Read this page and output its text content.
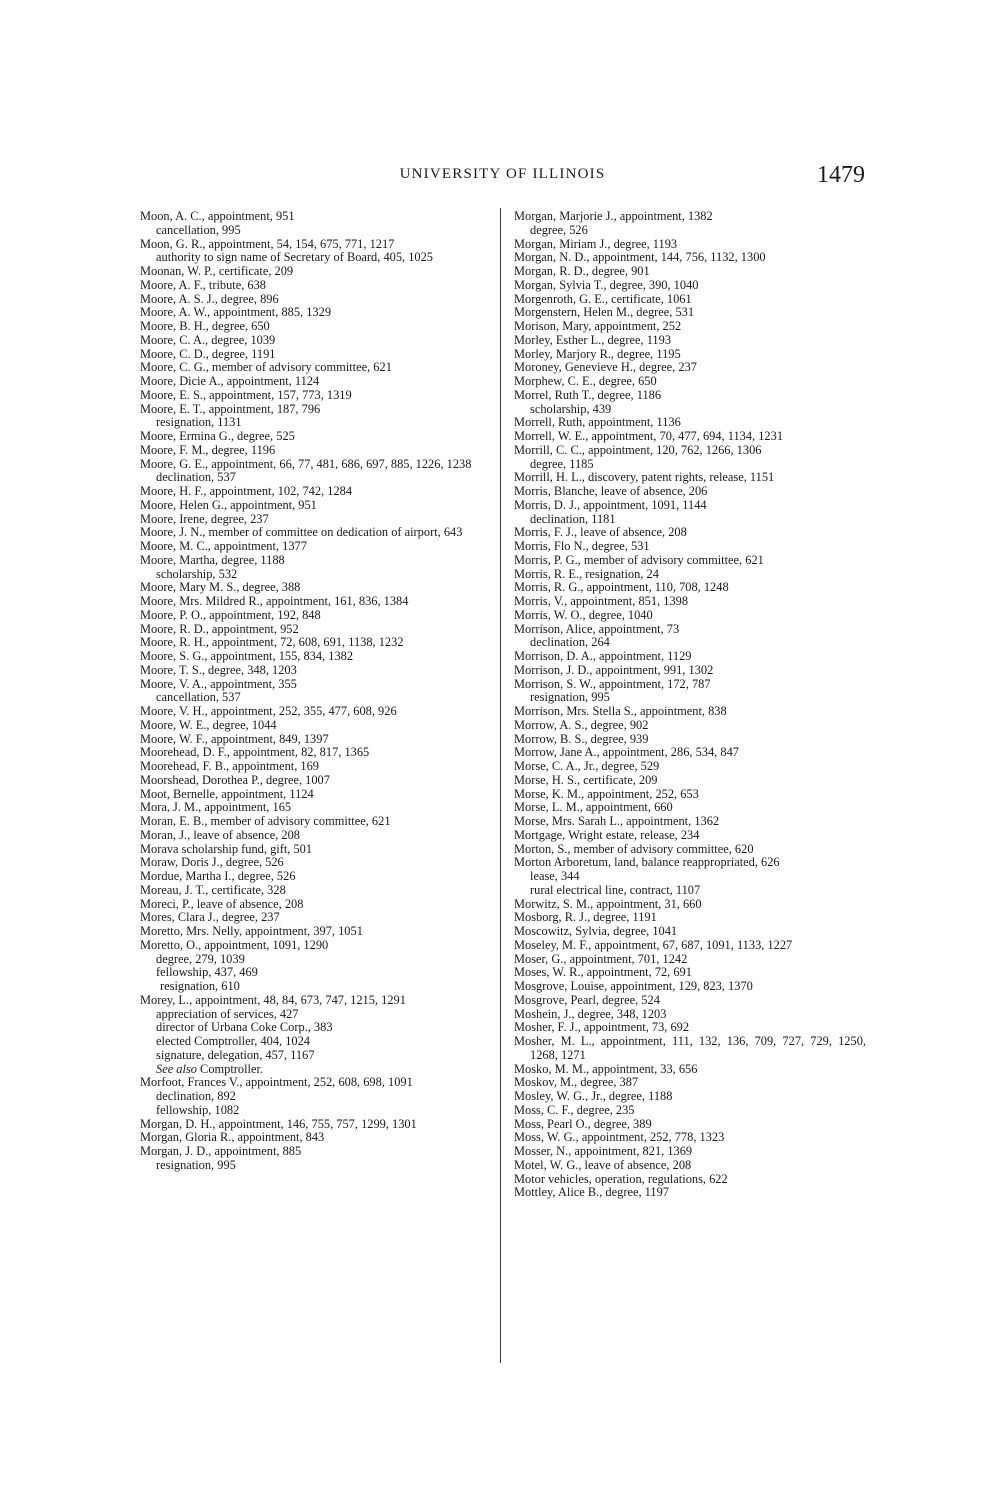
UNIVERSITY OF ILLINOIS	1479
Moon, A. C., appointment, 951
cancellation, 995
Moon, G. R., appointment, 54, 154, 675, 771, 1217
authority to sign name of Secretary of Board, 405, 1025
Moonan, W. P., certificate, 209
Moore, A. F., tribute, 638
Moore, A. S. J., degree, 896
Moore, A. W., appointment, 885, 1329
Moore, B. H., degree, 650
Moore, C. A., degree, 1039
Moore, C. D., degree, 1191
Moore, C. G., member of advisory committee, 621
Moore, Dicie A., appointment, 1124
Moore, E. S., appointment, 157, 773, 1319
Moore, E. T., appointment, 187, 796
resignation, 1131
Moore, Ermina G., degree, 525
Moore, F. M., degree, 1196
Moore, G. E., appointment, 66, 77, 481, 686, 697, 885, 1226, 1238
declination, 537
Moore, H. F., appointment, 102, 742, 1284
Moore, Helen G., appointment, 951
Moore, Irene, degree, 237
Moore, J. N., member of committee on dedication of airport, 643
Moore, M. C., appointment, 1377
Moore, Martha, degree, 1188
scholarship, 532
Moore, Mary M. S., degree, 388
Moore, Mrs. Mildred R., appointment, 161, 836, 1384
Moore, P. O., appointment, 192, 848
Moore, R. D., appointment, 952
Moore, R. H., appointment, 72, 608, 691, 1138, 1232
Moore, S. G., appointment, 155, 834, 1382
Moore, T. S., degree, 348, 1203
Moore, V. A., appointment, 355
cancellation, 537
Moore, V. H., appointment, 252, 355, 477, 608, 926
Moore, W. E., degree, 1044
Moore, W. F., appointment, 849, 1397
Moorehead, D. F., appointment, 82, 817, 1365
Moorehead, F. B., appointment, 169
Moorshead, Dorothea P., degree, 1007
Moot, Bernelle, appointment, 1124
Mora, J. M., appointment, 165
Moran, E. B., member of advisory committee, 621
Moran, J., leave of absence, 208
Morava scholarship fund, gift, 501
Moraw, Doris J., degree, 526
Mordue, Martha I., degree, 526
Moreau, J. T., certificate, 328
Moreci, P., leave of absence, 208
Mores, Clara J., degree, 237
Moretto, Mrs. Nelly, appointment, 397, 1051
Moretto, O., appointment, 1091, 1290
degree, 279, 1039
fellowship, 437, 469
resignation, 610
Morey, L., appointment, 48, 84, 673, 747, 1215, 1291
appreciation of services, 427
director of Urbana Coke Corp., 383
elected Comptroller, 404, 1024
signature, delegation, 457, 1167
See also Comptroller.
Morfoot, Frances V., appointment, 252, 608, 698, 1091
declination, 892
fellowship, 1082
Morgan, D. H., appointment, 146, 755, 757, 1299, 1301
Morgan, Gloria R., appointment, 843
Morgan, J. D., appointment, 885
resignation, 995
Morgan, Marjorie J., appointment, 1382
degree, 526
Morgan, Miriam J., degree, 1193
Morgan, N. D., appointment, 144, 756, 1132, 1300
Morgan, R. D., degree, 901
Morgan, Sylvia T., degree, 390, 1040
Morgenroth, G. E., certificate, 1061
Morgenstern, Helen M., degree, 531
Morison, Mary, appointment, 252
Morley, Esther L., degree, 1193
Morley, Marjory R., degree, 1195
Moroney, Genevieve H., degree, 237
Morphew, C. E., degree, 650
Morrel, Ruth T., degree, 1186
scholarship, 439
Morrell, Ruth, appointment, 1136
Morrell, W. E., appointment, 70, 477, 694, 1134, 1231
Morrill, C. C., appointment, 120, 762, 1266, 1306
degree, 1185
Morrill, H. L., discovery, patent rights, release, 1151
Morris, Blanche, leave of absence, 206
Morris, D. J., appointment, 1091, 1144
declination, 1181
Morris, F. J., leave of absence, 208
Morris, Flo N., degree, 531
Morris, P. G., member of advisory committee, 621
Morris, R. E., resignation, 24
Morris, R. G., appointment, 110, 708, 1248
Morris, V., appointment, 851, 1398
Morris, W. O., degree, 1040
Morrison, Alice, appointment, 73
declination, 264
Morrison, D. A., appointment, 1129
Morrison, J. D., appointment, 991, 1302
Morrison, S. W., appointment, 172, 787
resignation, 995
Morrison, Mrs. Stella S., appointment, 838
Morrow, A. S., degree, 902
Morrow, B. S., degree, 939
Morrow, Jane A., appointment, 286, 534, 847
Morse, C. A., Jr., degree, 529
Morse, H. S., certificate, 209
Morse, K. M., appointment, 252, 653
Morse, L. M., appointment, 660
Morse, Mrs. Sarah L., appointment, 1362
Mortgage, Wright estate, release, 234
Morton, S., member of advisory committee, 620
Morton Arboretum, land, balance reappropriated, 626
lease, 344
rural electrical line, contract, 1107
Morwitz, S. M., appointment, 31, 660
Mosborg, R. J., degree, 1191
Moscowitz, Sylvia, degree, 1041
Moseley, M. F., appointment, 67, 687, 1091, 1133, 1227
Moser, G., appointment, 701, 1242
Moses, W. R., appointment, 72, 691
Mosgrove, Louise, appointment, 129, 823, 1370
Mosgrove, Pearl, degree, 524
Moshein, J., degree, 348, 1203
Mosher, F. J., appointment, 73, 692
Mosher, M. L., appointment, 111, 132, 136, 709, 727, 729, 1250, 1268, 1271
Mosko, M. M., appointment, 33, 656
Moskov, M., degree, 387
Mosley, W. G., Jr., degree, 1188
Moss, C. F., degree, 235
Moss, Pearl O., degree, 389
Moss, W. G., appointment, 252, 778, 1323
Mosser, N., appointment, 821, 1369
Motel, W. G., leave of absence, 208
Motor vehicles, operation, regulations, 622
Mottley, Alice B., degree, 1197
